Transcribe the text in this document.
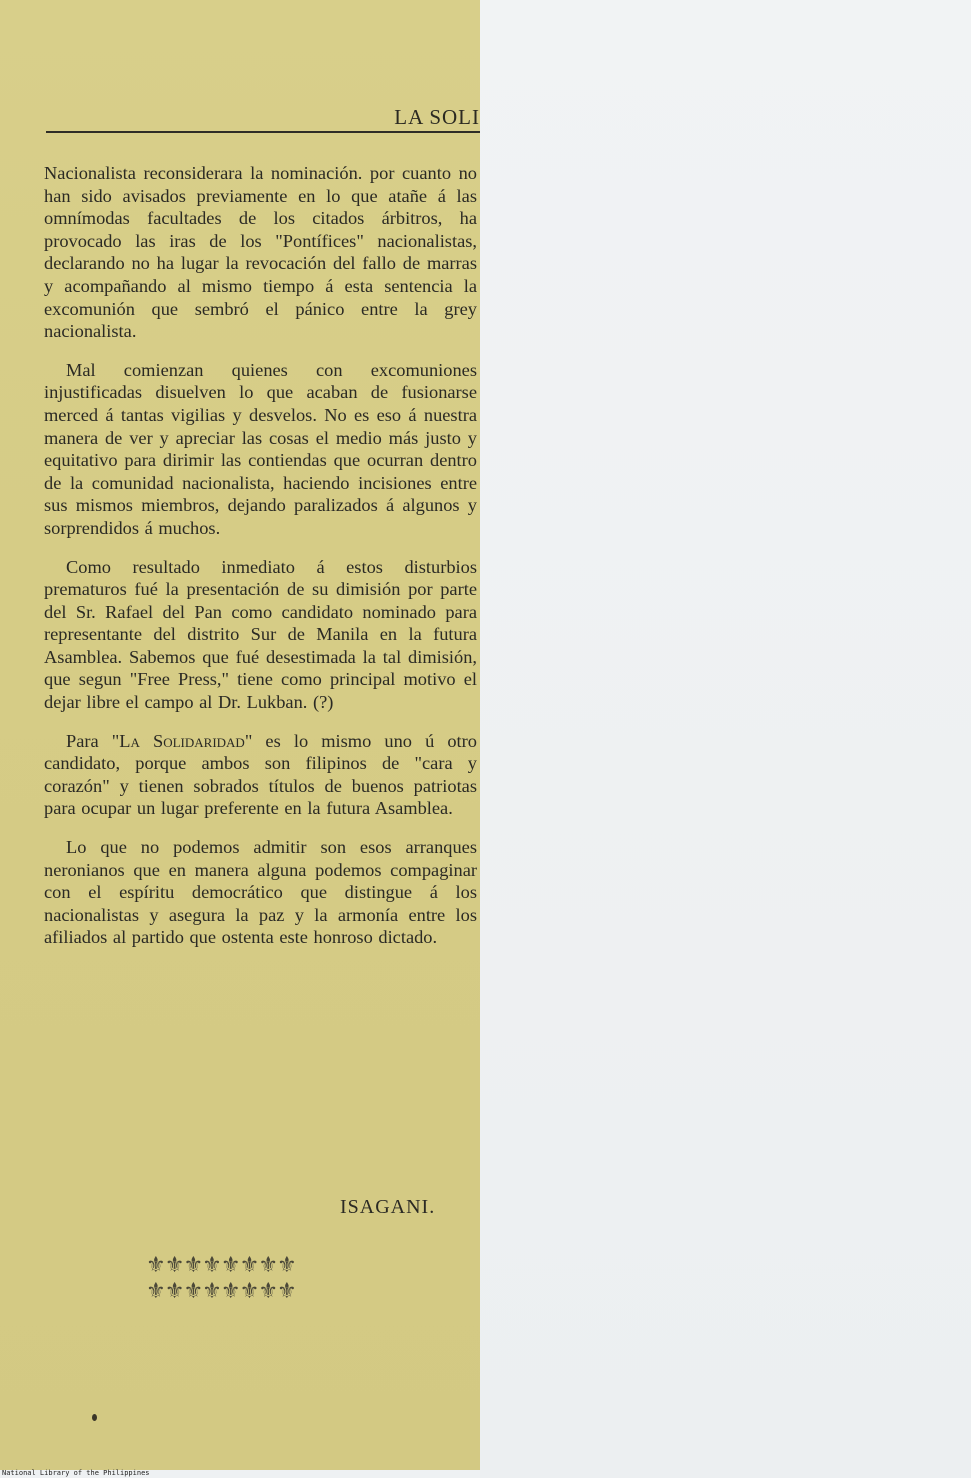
LA SOLI

Nacionalista reconsiderara la nominación. por cuanto no han sido avisados previamente en lo que atañe á las omnímodas facultades de los citados árbitros, ha provocado las iras de los "Pontífices" nacionalistas, declarando no ha lugar la revocación del fallo de marras y acompañando al mismo tiempo á esta sentencia la excomunión que sembró el pánico entre la grey nacionalista.

Mal comienzan quienes con excomuniones injustificadas disuelven lo que acaban de fusionarse merced á tantas vigilias y desvelos. No es eso á nuestra manera de ver y apreciar las cosas el medio más justo y equitativo para dirimir las contiendas que ocurran dentro de la comunidad nacionalista, haciendo incisiones entre sus mismos miembros, dejando paralizados á algunos y sorprendidos á muchos.

Como resultado inmediato á estos disturbios prematuros fué la presentación de su dimisión por parte del Sr. Rafael del Pan como candidato nominado para representante del distrito Sur de Manila en la futura Asamblea. Sabemos que fué desestimada la tal dimisión, que segun "Free Press," tiene como principal motivo el dejar libre el campo al Dr. Lukban. (?)

Para "La Solidaridad" es lo mismo uno ú otro candidato, porque ambos son filipinos de "cara y corazón" y tienen sobrados títulos de buenos patriotas para ocupar un lugar preferente en la futura Asamblea.

Lo que no podemos admitir son esos arranques neronianos que en manera alguna podemos compaginar con el espíritu democrático que distingue á los nacionalistas y asegura la paz y la armonía entre los afiliados al partido que ostenta este honroso dictado.

ISAGANI.
⚜⚜⚜⚜⚜⚜⚜⚜
⚜⚜⚜⚜⚜⚜⚜⚜
National Library of the Philippines
